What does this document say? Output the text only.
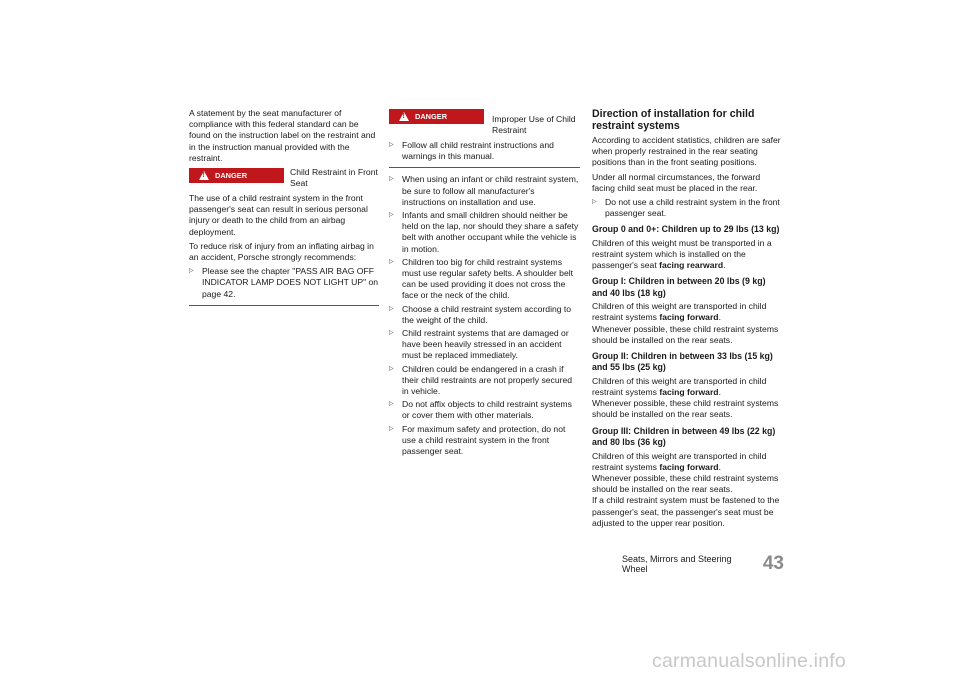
A statement by the seat manufacturer of compliance with this federal standard can be found on the instruction label on the restraint and in the instruction manual provided with the restraint.

!
DANGER	Child Restraint in Front Seat

The use of a child restraint system in the front passenger's seat can result in serious personal injury or death to the child from an airbag deployment.

To reduce risk of injury from an inflating airbag in an accident, Porsche strongly recommends:

▷ Please see the chapter "PASS AIR BAG OFF INDICATOR LAMP DOES NOT LIGHT UP" on page 42.
!
DANGER	Improper Use of Child Restraint
▷ Follow all child restraint instructions and warnings in this manual.
▷ When using an infant or child restraint system, be sure to follow all manufacturer's instructions on installation and use.
▷ Infants and small children should neither be held on the lap, nor should they share a safety belt with another occupant while the vehicle is in motion.
▷ Children too big for child restraint systems must use regular safety belts. A shoulder belt can be used providing it does not cross the face or the neck of the child.
▷ Choose a child restraint system according to the weight of the child.
▷ Child restraint systems that are damaged or have been heavily stressed in an accident must be replaced immediately.
▷ Children could be endangered in a crash if their child restraints are not properly secured in vehicle.
▷ Do not affix objects to child restraint systems or cover them with other materials.
▷ For maximum safety and protection, do not use a child restraint system in the front passenger seat.
Direction of installation for child restraint systems

According to accident statistics, children are safer when properly restrained in the rear seating positions than in the front seating positions.

Under all normal circumstances, the forward facing child seat must be placed in the rear.

▷ Do not use a child restraint system in the front passenger seat.
Group 0 and 0+: Children up to 29 lbs (13 kg)

Children of this weight must be transported in a restraint system which is installed on the passenger's seat facing rearward.

Group I: Children in between 20 lbs (9 kg) and 40 lbs (18 kg)

Children of this weight are transported in child restraint systems facing forward.

Whenever possible, these child restraint systems should be installed on the rear seats.

Group II: Children in between 33 lbs (15 kg) and 55 lbs (25 kg)

Children of this weight are transported in child restraint systems facing forward.

Whenever possible, these child restraint systems should be installed on the rear seats.

Group III: Children in between 49 lbs (22 kg) and 80 lbs (36 kg)

Children of this weight are transported in child restraint systems facing forward.

Whenever possible, these child restraint systems should be installed on the rear seats.

If a child restraint system must be fastened to the passenger's seat, the passenger's seat must be adjusted to the upper rear position.

Seats, Mirrors and Steering Wheel	43
carmanualsonline.info
